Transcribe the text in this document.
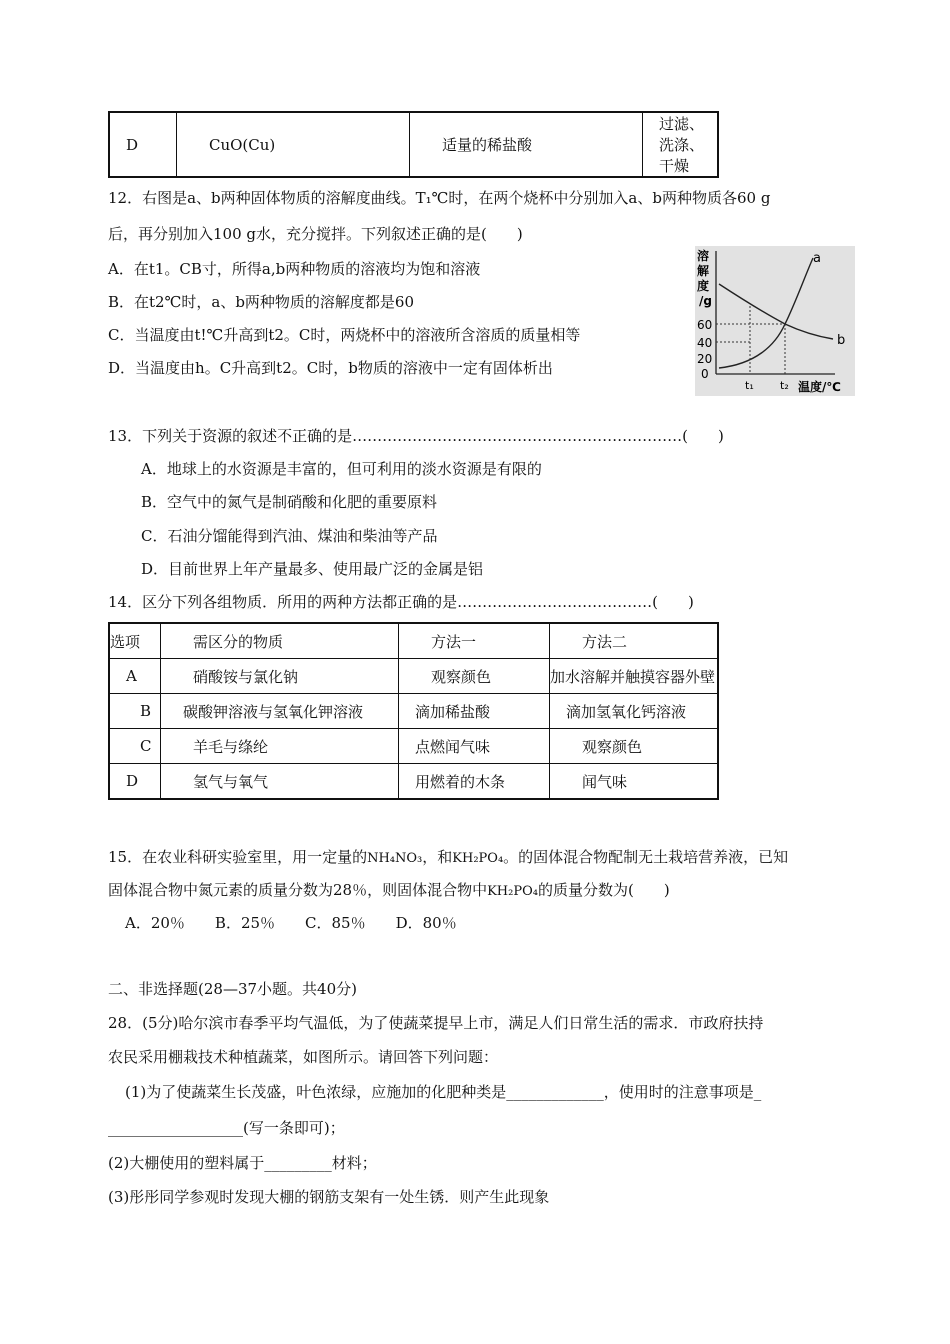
D	CuO(Cu)	适量的稀盐酸	过滤、洗涤、干燥
12．右图是a、b两种固体物质的溶解度曲线。T₁℃时，在两个烧杯中分别加入a、b两种物质各60 g
后，再分别加入100 g水，充分搅拌。下列叙述正确的是(　　)
A．在t1。CB寸，所得a,b两种物质的溶液均为饱和溶液
B．在t2℃时，a、b两种物质的溶解度都是60
C．当温度由t!℃升高到t2。C时，两烧杯中的溶液所含溶质的质量相等
D．当温度由h。C升高到t2。C时，b物质的溶液中一定有固体析出
溶
解
度
/g
60
40
20
0
a
b
t₁ t₂ 温度/℃
13．下列关于资源的叙述不正确的是…………………………………………………………(　　)
A．地球上的水资源是丰富的，但可利用的淡水资源是有限的
B．空气中的氮气是制硝酸和化肥的重要原料
C．石油分馏能得到汽油、煤油和柴油等产品
D．目前世界上年产量最多、使用最广泛的金属是铝
14．区分下列各组物质．所用的两种方法都正确的是…………………………………(　　)
选项	需区分的物质	方法一	方法二
A	硝酸铵与氯化钠	观察颜色	加水溶解并触摸容器外壁
B	碳酸钾溶液与氢氧化钾溶液	滴加稀盐酸	滴加氢氧化钙溶液
C	羊毛与绦纶	点燃闻气味	观察颜色
D	氢气与氧气	用燃着的木条	闻气味
15．在农业科研实验室里，用一定量的NH₄NO₃，和KH₂PO₄。的固体混合物配制无土栽培营养液，已知
固体混合物中氮元素的质量分数为28％，则固体混合物中KH₂PO₄的质量分数为(　　)
A．20％　　B．25％　　C．85％　　D．80％
二、非选择题(28—37小题。共40分)
28．(5分)哈尔滨市春季平均气温低，为了使蔬菜提早上市，满足人们日常生活的需求．市政府扶持
农民采用棚栽技术种植蔬菜，如图所示。请回答下列问题：
(1)为了使蔬菜生长茂盛，叶色浓绿，应施加的化肥种类是_____________，使用时的注意事项是_
__________________(写一条即可)；
(2)大棚使用的塑料属于_________材料；
(3)彤彤同学参观时发现大棚的钢筋支架有一处生锈．则产生此现象
